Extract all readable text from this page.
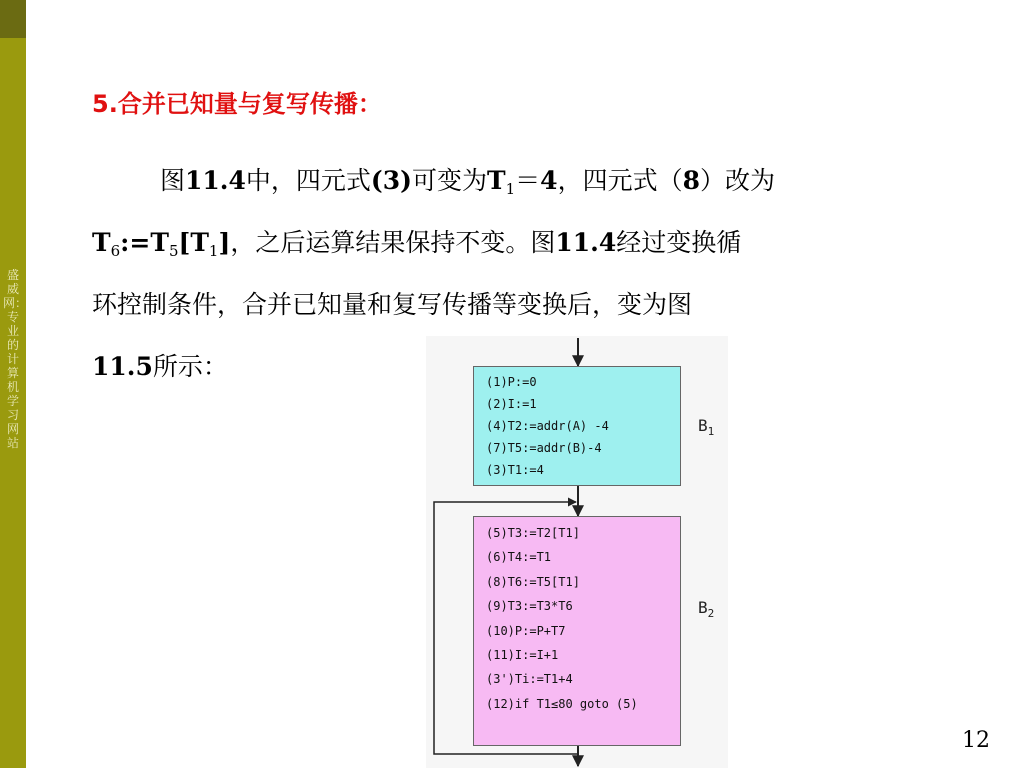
盛威网：专业的计算机学习网站
5.合并已知量与复写传播：
图11.4中，四元式(3)可变为$T_1=4$，四元式（8）改为
$T_6:=T_5[T_1]$，之后运算结果保持不变。图11.4经过变换循
环控制条件，合并已知量和复写传播等变换后，变为图
11.5所示：
(1)P:=0
(2)I:=1
(4)T2:=addr(A) -4
(7)T5:=addr(B)-4
(3)T1:=4
$B_1$
(5)T3:=T2[T1]
(6)T4:=T1
(8)T6:=T5[T1]
(9)T3:=T3*T6
(10)P:=P+T7
(11)I:=I+1
(3')Ti:=T1+4
(12)if T1≤80 goto (5)
$B_2$
12
